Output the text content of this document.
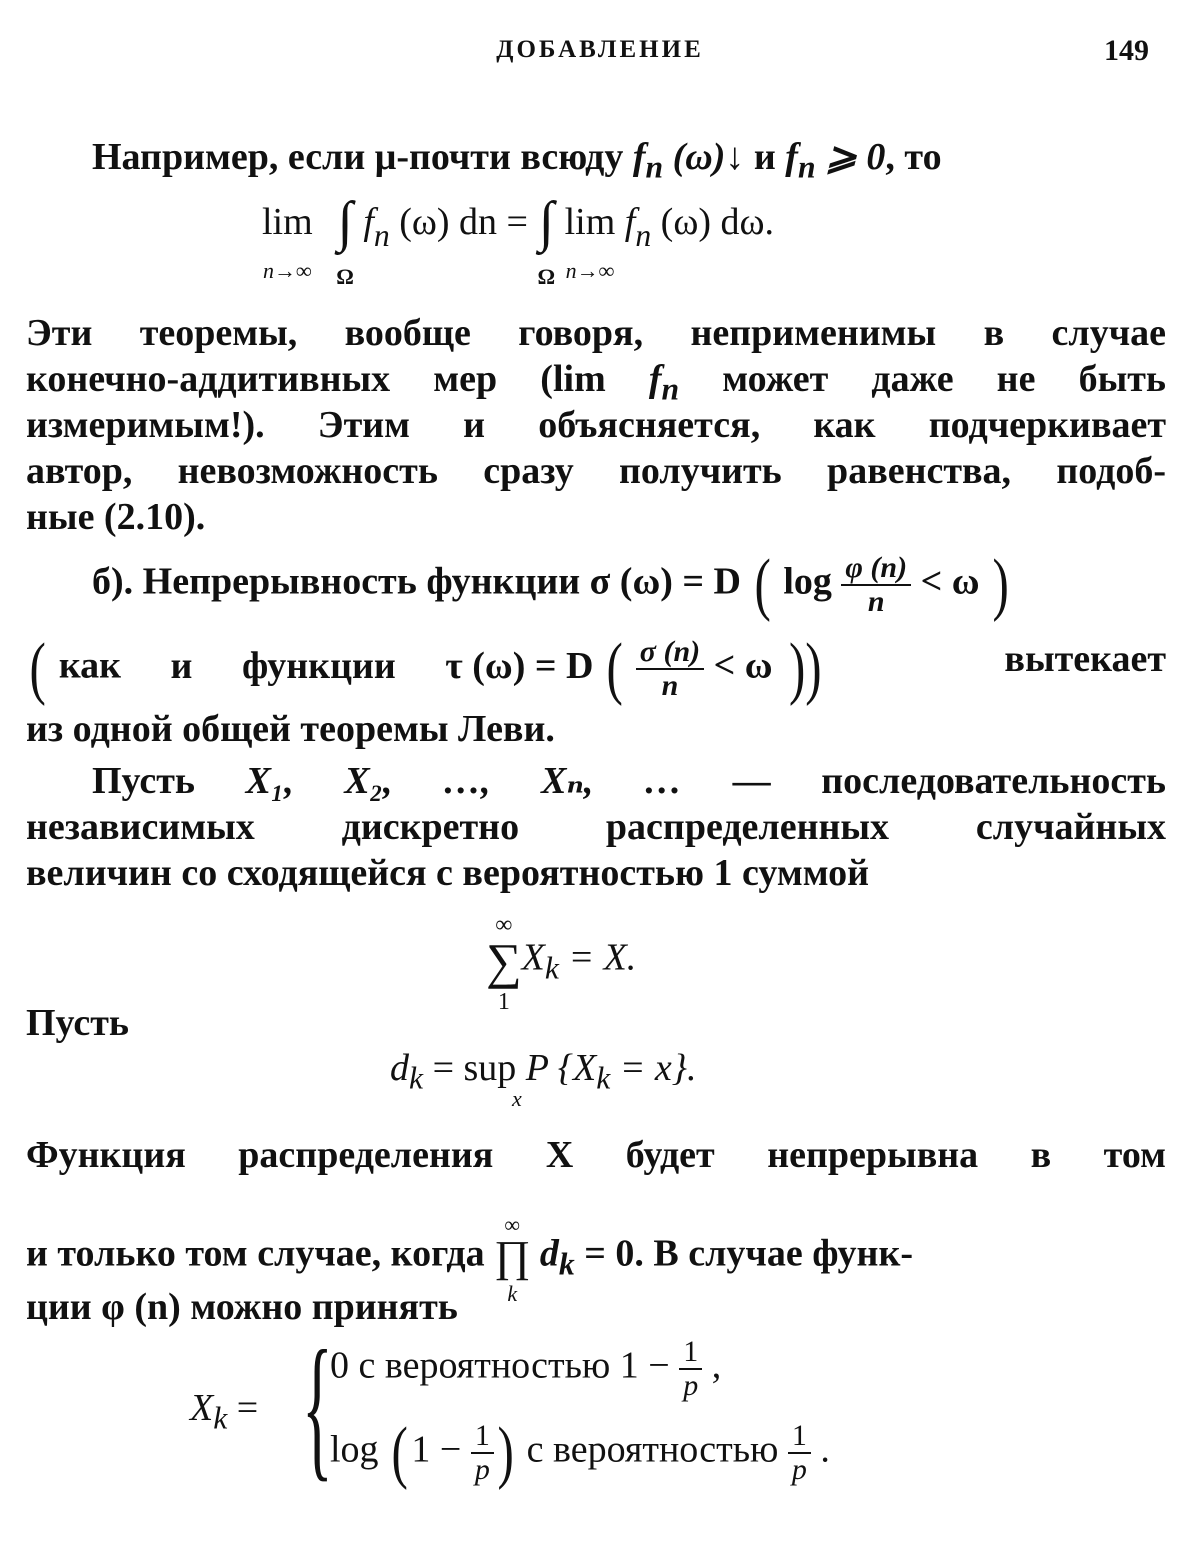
ДОБАВЛЕНИЕ	149
Например, если μ-почти всюду $f_n$ (ω)↓ и $f_n$ ⩾ 0, то
lim
n→∞ ∫
Ω $f_n$ (ω) dn = ∫
Ω lim
n→∞ $f_n$ (ω) dω.
Эти теоремы, вообще говоря, неприменимы в случае
конечно-аддитивных мер (lim $f_n$ может даже не быть
измеримым!). Этим и объясняется, как подчеркивает
автор, невозможность сразу получить равенства, подоб-
ные (2.10).
б). Непрерывность функции σ (ω) = D ( $\log \frac{\varphi (n)}{n} < \omega$ )
( как и функции τ (ω) = D ( $\frac{\sigma (n)}{n} < \omega$ ))	вытекает
из одной общей теоремы Леви.
Пусть X₁, X₂, …, Xₙ, … — последовательность
независимых дискретно распределенных случайных
величин со сходящейся с вероятностью 1 суммой
∞
∑
$1X_k = X$.
Пусть
$d_k$ = sup P $\{X_k = x\}$.
x
Функция распределения X будет непрерывна в том
и только том случае, когда ∞
∏
k $d_k = 0$. В случае функ-
ции φ (n) можно принять
$X_k$ = {
0 с вероятностью $1 - \frac{1}{p}$ ,
$\log (1 - \frac{1}{p}$ ) с вероятностью $\frac{1}{p}$ .
